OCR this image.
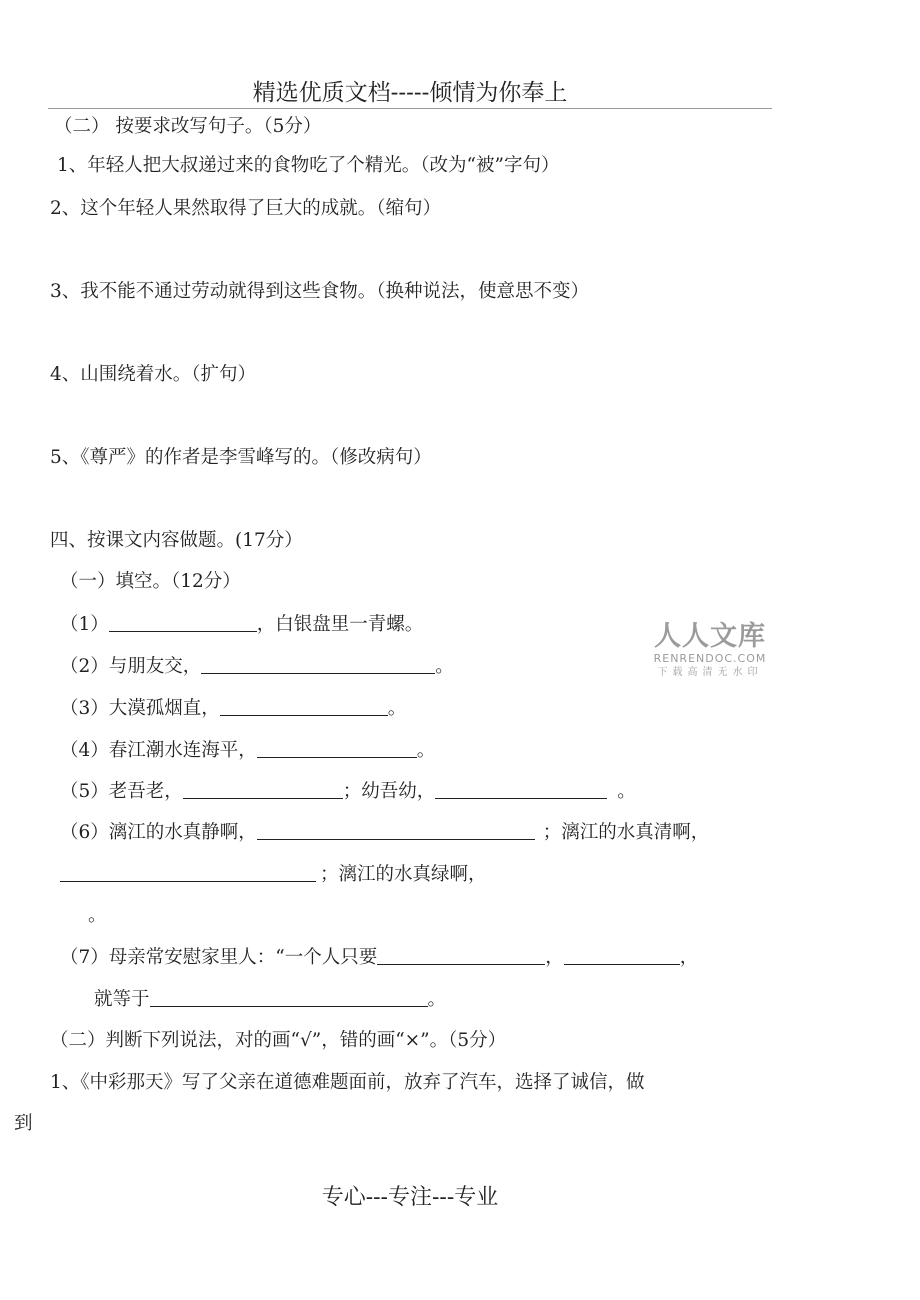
精选优质文档-----倾情为你奉上
（二） 按要求改写句子。（5分）
1、年轻人把大叔递过来的食物吃了个精光。（改为“被”字句）
2、这个年轻人果然取得了巨大的成就。（缩句）
3、我不能不通过劳动就得到这些食物。（换种说法，使意思不变）
4、山围绕着水。（扩句）
5、《尊严》的作者是李雪峰写的。（修改病句）
四、按课文内容做题。(17分）
（一）填空。（12分）
（1）	，白银盘里一青螺。
（2）与朋友交，	。
（3）大漠孤烟直，	。
（4）春江潮水连海平，	。
（5）老吾老，	；幼吾幼，	。
（6）漓江的水真静啊，	；漓江的水真清啊，
；漓江的水真绿啊，
。
（7）母亲常安慰家里人：“一个人只要	，	，
就等于	。
（二）判断下列说法，对的画“√”，错的画“×”。（5分）
1、《中彩那天》写了父亲在道德难题面前，放弃了汽车，选择了诚信，做
到
人人文库
RENRENDOC.COM
下载高清无水印
专心---专注---专业
